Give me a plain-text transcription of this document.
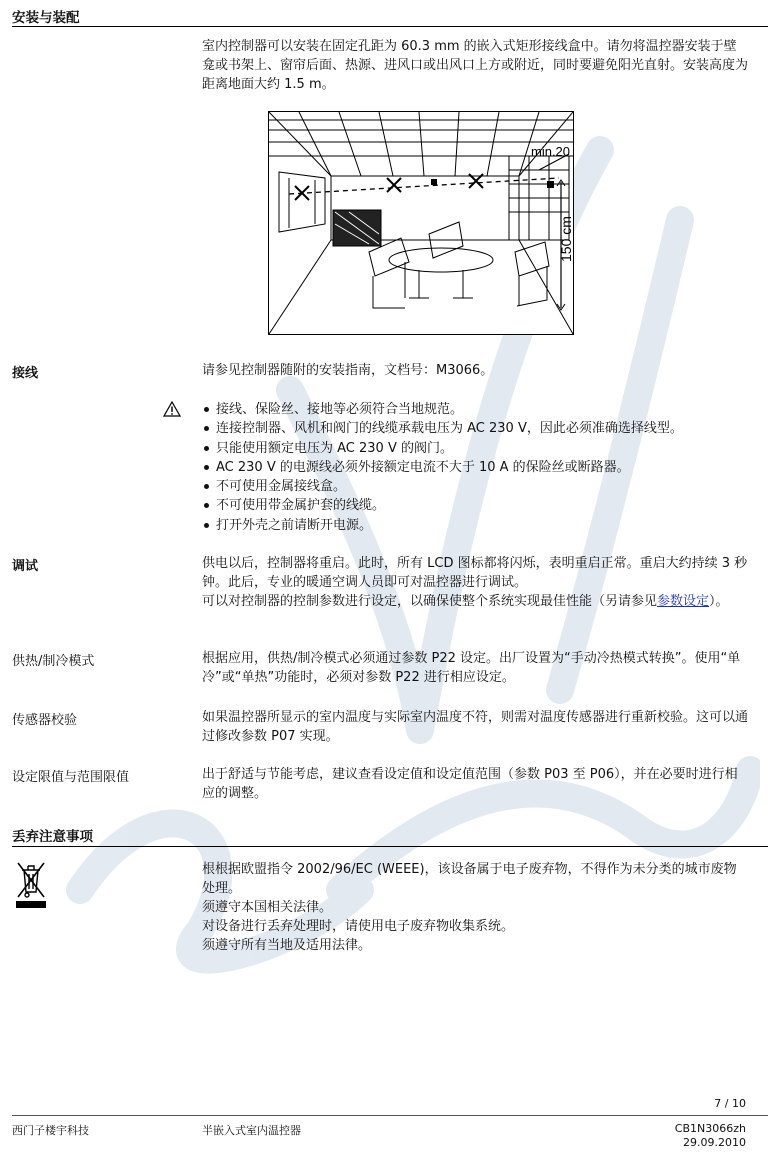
安装与装配
室内控制器可以安装在固定孔距为 60.3 mm 的嵌入式矩形接线盒中。请勿将温控器安装于壁龛或书架上、窗帘后面、热源、进风口或出风口上方或附近，同时要避免阳光直射。安装高度为距离地面大约 1.5 m。
min.20
150 cm
接线	请参见控制器随附的安装指南，文档号：M3066。
接线、保险丝、接地等必须符合当地规范。
连接控制器、风机和阀门的线缆承载电压为 AC 230 V，因此必须准确选择线型。
只能使用额定电压为 AC 230 V 的阀门。
AC 230 V 的电源线必须外接额定电流不大于 10 A 的保险丝或断路器。
不可使用金属接线盒。
不可使用带金属护套的线缆。
打开外壳之前请断开电源。
调试	供电以后，控制器将重启。此时，所有 LCD 图标都将闪烁，表明重启正常。重启大约持续 3 秒钟。此后，专业的暖通空调人员即可对温控器进行调试。

可以对控制器的控制参数进行设定，以确保使整个系统实现最佳性能（另请参见参数设定）。

供热/制冷模式	根据应用，供热/制冷模式必须通过参数 P22 设定。出厂设置为“手动冷热模式转换”。使用“单冷”或“单热”功能时，必须对参数 P22 进行相应设定。
传感器校验	如果温控器所显示的室内温度与实际室内温度不符，则需对温度传感器进行重新校验。这可以通过修改参数 P07 实现。
设定限值与范围限值	出于舒适与节能考虑，建议查看设定值和设定值范围（参数 P03 至 P06），并在必要时进行相应的调整。
丢弃注意事项

根根据欧盟指令 2002/96/EC (WEEE)，该设备属于电子废弃物，不得作为未分类的城市废物处理。

须遵守本国相关法律。

对设备进行丢弃处理时，请使用电子废弃物收集系统。

须遵守所有当地及适用法律。

7 / 10
西门子楼宇科技	半嵌入式室内温控器	CB1N3066zh
29.09.2010
